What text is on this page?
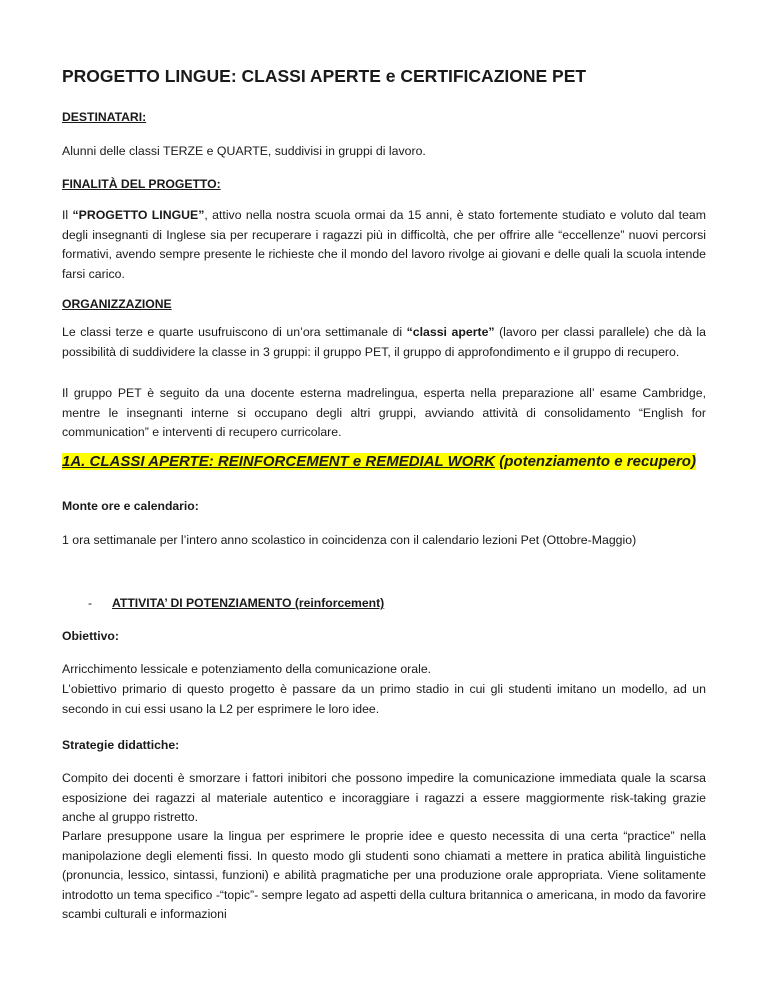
PROGETTO LINGUE: CLASSI APERTE e CERTIFICAZIONE PET

DESTINATARI:

Alunni delle classi TERZE e QUARTE, suddivisi in gruppi di lavoro.

FINALITÀ DEL PROGETTO:

Il “PROGETTO LINGUE”, attivo nella nostra scuola ormai da 15 anni, è stato fortemente studiato e voluto dal team degli insegnanti di Inglese sia per recuperare i ragazzi più in difficoltà, che per offrire alle “eccellenze” nuovi percorsi formativi, avendo sempre presente le richieste che il mondo del lavoro rivolge ai giovani e delle quali la scuola intende farsi carico.

ORGANIZZAZIONE

Le classi terze e quarte usufruiscono di un’ora settimanale di “classi aperte” (lavoro per classi parallele) che dà la possibilità di suddividere la classe in 3 gruppi: il gruppo PET, il gruppo di approfondimento e il gruppo di recupero.

Il gruppo PET è seguito da una docente esterna madrelingua, esperta nella preparazione all’ esame Cambridge, mentre le insegnanti interne si occupano degli altri gruppi, avviando attività di consolidamento “English for communication” e interventi di recupero curricolare.

1A. CLASSI APERTE: REINFORCEMENT e REMEDIAL WORK (potenziamento e recupero)

Monte ore e calendario:

1 ora settimanale per l’intero anno scolastico in coincidenza con il calendario lezioni Pet (Ottobre-Maggio)

- ATTIVITA’ DI POTENZIAMENTO (reinforcement)

Obiettivo:

Arricchimento lessicale e potenziamento della comunicazione orale.

L’obiettivo primario di questo progetto è passare da un primo stadio in cui gli studenti imitano un modello, ad un secondo in cui essi usano la L2 per esprimere le loro idee.

Strategie didattiche:

Compito dei docenti è smorzare i fattori inibitori che possono impedire la comunicazione immediata quale la scarsa esposizione dei ragazzi al materiale autentico e incoraggiare i ragazzi a essere maggiormente risk-taking grazie anche al gruppo ristretto.

Parlare presuppone usare la lingua per esprimere le proprie idee e questo necessita di una certa “practice” nella manipolazione degli elementi fissi. In questo modo gli studenti sono chiamati a mettere in pratica abilità linguistiche (pronuncia, lessico, sintassi, funzioni) e abilità pragmatiche per una produzione orale appropriata. Viene solitamente introdotto un tema specifico -“topic”- sempre legato ad aspetti della cultura britannica o americana, in modo da favorire scambi culturali e informazioni
